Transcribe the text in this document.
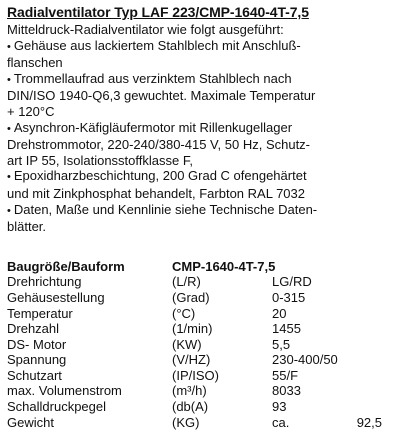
Radialventilator Typ LAF 223/CMP-1640-4T-7,5

Mitteldruck-Radialventilator wie folgt ausgeführt:

• Gehäuse aus lackiertem Stahlblech mit Anschluß-

flanschen

• Trommellaufrad aus verzinktem Stahlblech nach

DIN/ISO 1940-Q6,3 gewuchtet. Maximale Temperatur

+ 120°C

• Asynchron-Käfigläufermotor mit Rillenkugellager

Drehstrommotor, 220-240/380-415 V, 50 Hz, Schutz-

art IP 55, Isolationsstoffklasse F,

• Epoxidharzbeschichtung, 200 Grad C ofengehärtet

und mit Zinkphosphat behandelt, Farbton RAL 7032

• Daten, Maße und Kennlinie siehe Technische Daten-

blätter.

Baugröße/Bauform	CMP-1640-4T-7,5	
Drehrichtung	(L/R)	LG/RD
Gehäusestellung	(Grad)	0-315
Temperatur	(°C)	20
Drehzahl	(1/min)	1455
DS- Motor	(KW)	5,5
Spannung	(V/HZ)	230-400/50
Schutzart	(IP/ISO)	55/F
max. Volumenstrom	(m³/h)	8033
Schalldruckpegel	(db(A)	93
Gewicht	(KG)	ca. 92,5
